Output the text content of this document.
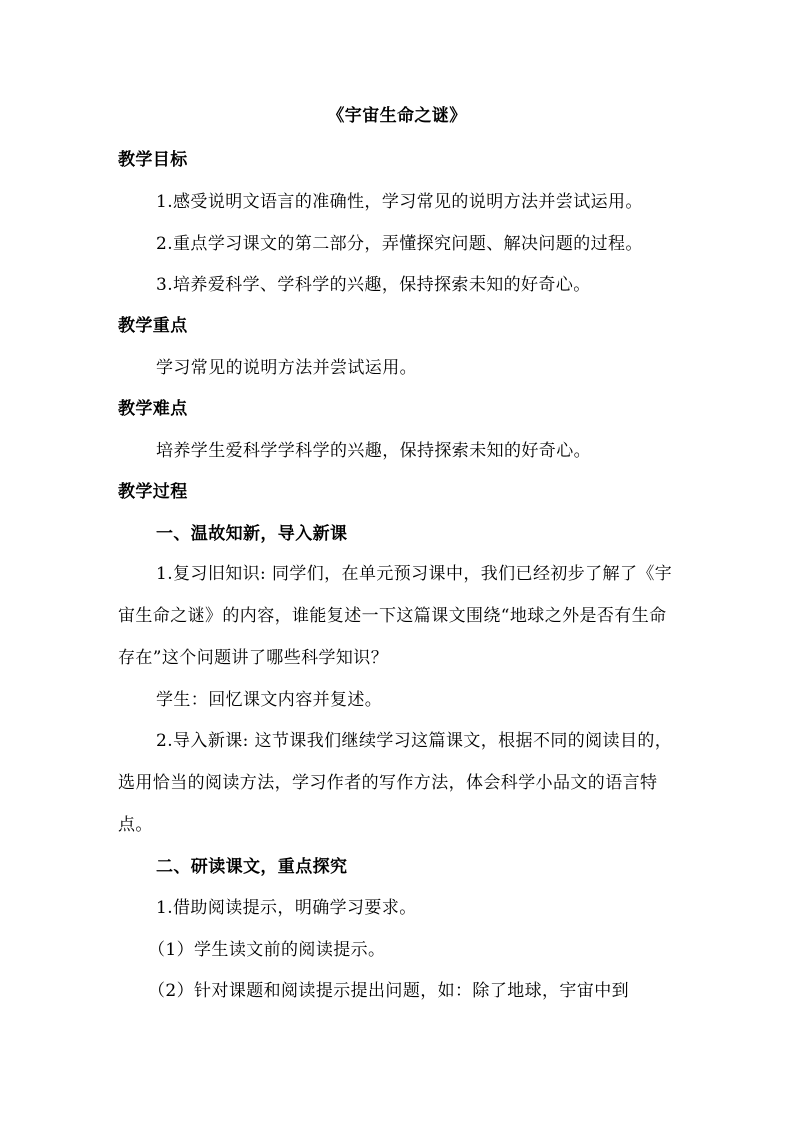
《宇宙生命之谜》
教学目标
1.感受说明文语言的准确性，学习常见的说明方法并尝试运用。
2.重点学习课文的第二部分，弄懂探究问题、解决问题的过程。
3.培养爱科学、学科学的兴趣，保持探索未知的好奇心。
教学重点
学习常见的说明方法并尝试运用。
教学难点
培养学生爱科学学科学的兴趣，保持探索未知的好奇心。
教学过程
一、温故知新，导入新课
1.复习旧知识: 同学们，在单元预习课中，我们已经初步了解了《宇宙生命之谜》的内容，谁能复述一下这篇课文围绕“地球之外是否有生命存在”这个问题讲了哪些科学知识？
学生：回忆课文内容并复述。
2.导入新课: 这节课我们继续学习这篇课文，根据不同的阅读目的，选用恰当的阅读方法，学习作者的写作方法，体会科学小品文的语言特点。
二、研读课文，重点探究
1.借助阅读提示，明确学习要求。
（1）学生读文前的阅读提示。
（2）针对课题和阅读提示提出问题，如：除了地球，宇宙中到
